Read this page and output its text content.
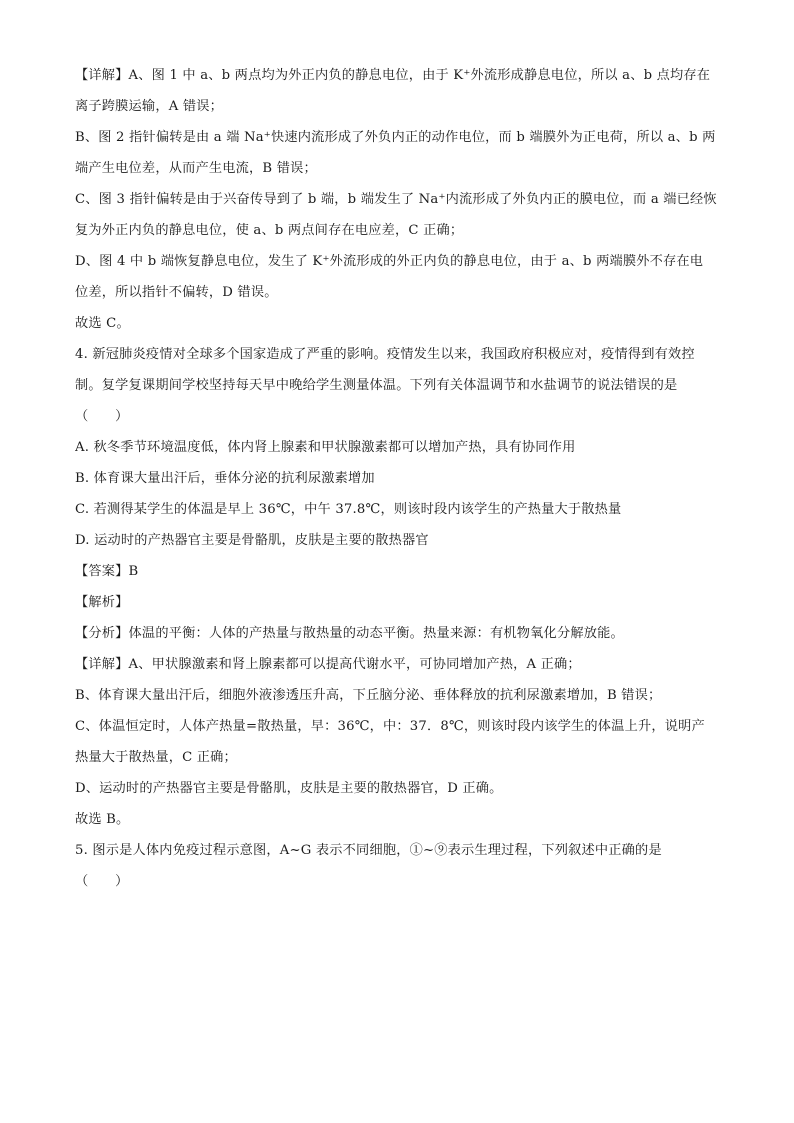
【详解】A、图 1 中 a、b 两点均为外正内负的静息电位，由于 K⁺外流形成静息电位，所以 a、b 点均存在
离子跨膜运输，A 错误；
B、图 2 指针偏转是由 a 端 Na⁺快速内流形成了外负内正的动作电位，而 b 端膜外为正电荷，所以 a、b 两
端产生电位差，从而产生电流，B 错误；
C、图 3 指针偏转是由于兴奋传导到了 b 端，b 端发生了 Na⁺内流形成了外负内正的膜电位，而 a 端已经恢
复为外正内负的静息电位，使 a、b 两点间存在电应差，C 正确；
D、图 4 中 b 端恢复静息电位，发生了 K⁺外流形成的外正内负的静息电位，由于 a、b 两端膜外不存在电
位差，所以指针不偏转，D 错误。
故选 C。
4. 新冠肺炎疫情对全球多个国家造成了严重的影响。疫情发生以来，我国政府积极应对，疫情得到有效控
制。复学复课期间学校坚持每天早中晚给学生测量体温。下列有关体温调节和水盐调节的说法错误的是
（　　）
A. 秋冬季节环境温度低，体内肾上腺素和甲状腺激素都可以增加产热，具有协同作用
B. 体育课大量出汗后，垂体分泌的抗利尿激素增加
C. 若测得某学生的体温是早上 36℃，中午 37.8℃，则该时段内该学生的产热量大于散热量
D. 运动时的产热器官主要是骨骼肌，皮肤是主要的散热器官
【答案】B
【解析】
【分析】体温的平衡：人体的产热量与散热量的动态平衡。热量来源：有机物氧化分解放能。
【详解】A、甲状腺激素和肾上腺素都可以提高代谢水平，可协同增加产热，A 正确；
B、体育课大量出汗后，细胞外液渗透压升高，下丘脑分泌、垂体释放的抗利尿激素增加，B 错误；
C、体温恒定时，人体产热量=散热量，早：36℃，中：37．8℃，则该时段内该学生的体温上升，说明产
热量大于散热量，C 正确；
D、运动时的产热器官主要是骨骼肌，皮肤是主要的散热器官，D 正确。
故选 B。
5. 图示是人体内免疫过程示意图，A~G 表示不同细胞，①~⑨表示生理过程，下列叙述中正确的是
（　　）
